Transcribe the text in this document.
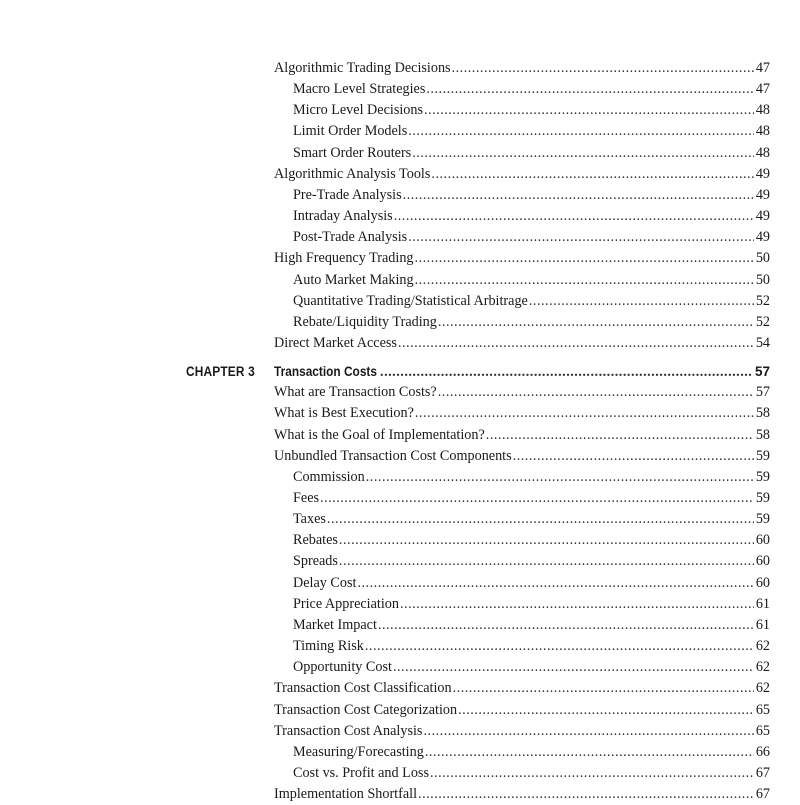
Algorithmic Trading Decisions .....	47
Macro Level Strategies .....	47
Micro Level Decisions .....	48
Limit Order Models .....	48
Smart Order Routers .....	48
Algorithmic Analysis Tools .....	49
Pre-Trade Analysis .....	49
Intraday Analysis .....	49
Post-Trade Analysis .....	49
High Frequency Trading .....	50
Auto Market Making .....	50
Quantitative Trading/Statistical Arbitrage .....	52
Rebate/Liquidity Trading .....	52
Direct Market Access .....	54
CHAPTER 3 Transaction Costs .....	57
What are Transaction Costs? .....	57
What is Best Execution? .....	58
What is the Goal of Implementation? .....	58
Unbundled Transaction Cost Components .....	59
Commission .....	59
Fees .....	59
Taxes .....	59
Rebates .....	60
Spreads .....	60
Delay Cost .....	60
Price Appreciation .....	61
Market Impact .....	61
Timing Risk .....	62
Opportunity Cost .....	62
Transaction Cost Classification .....	62
Transaction Cost Categorization .....	65
Transaction Cost Analysis .....	65
Measuring/Forecasting .....	66
Cost vs. Profit and Loss .....	67
Implementation Shortfall .....	67
